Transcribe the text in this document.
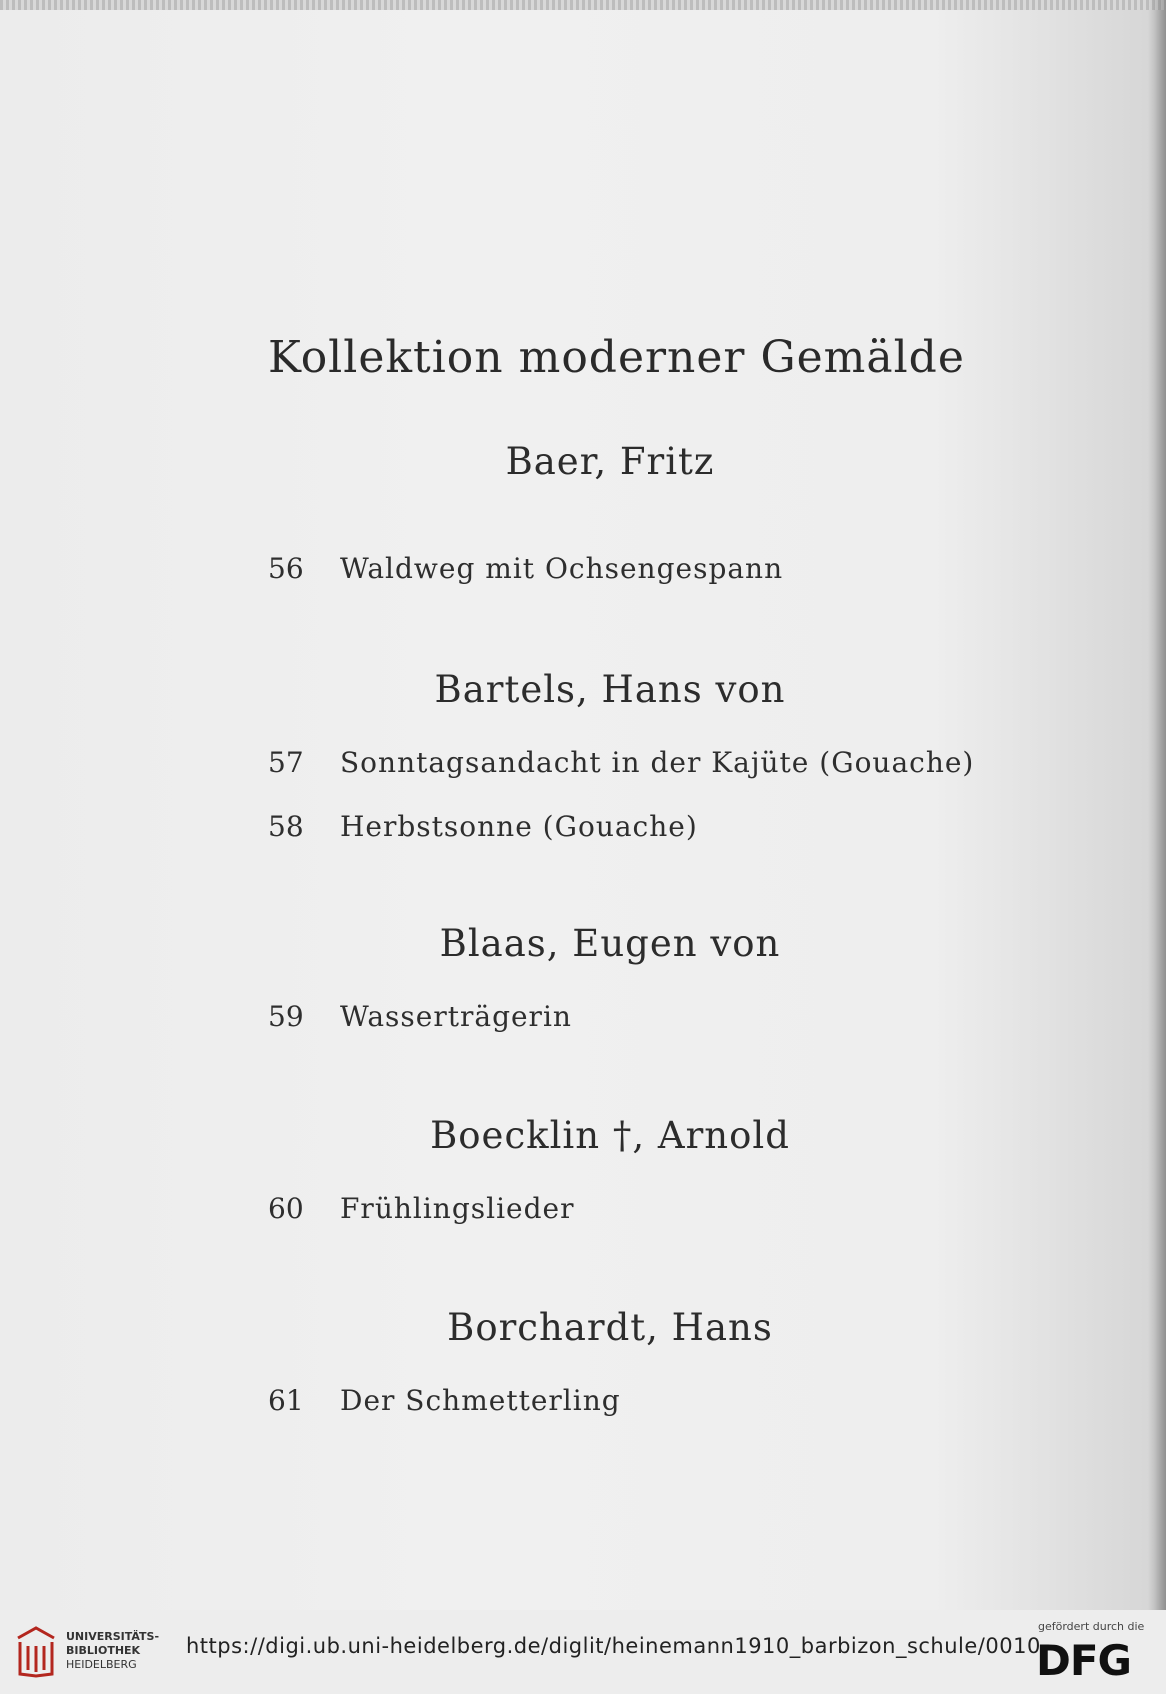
Kollektion moderner Gemälde
Baer, Fritz
56 Waldweg mit Ochsengespann
Bartels, Hans von
57 Sonntagsandacht in der Kajüte (Gouache)
58 Herbstsonne (Gouache)
Blaas, Eugen von
59 Wasserträgerin
Boecklin †, Arnold
60 Frühlingslieder
Borchardt, Hans
61 Der Schmetterling
UNIVERSITÄTS-
BIBLIOTHEK
HEIDELBERG
https://digi.ub.uni-heidelberg.de/diglit/heinemann1910_barbizon_schule/0010
gefördert durch die
DFG
